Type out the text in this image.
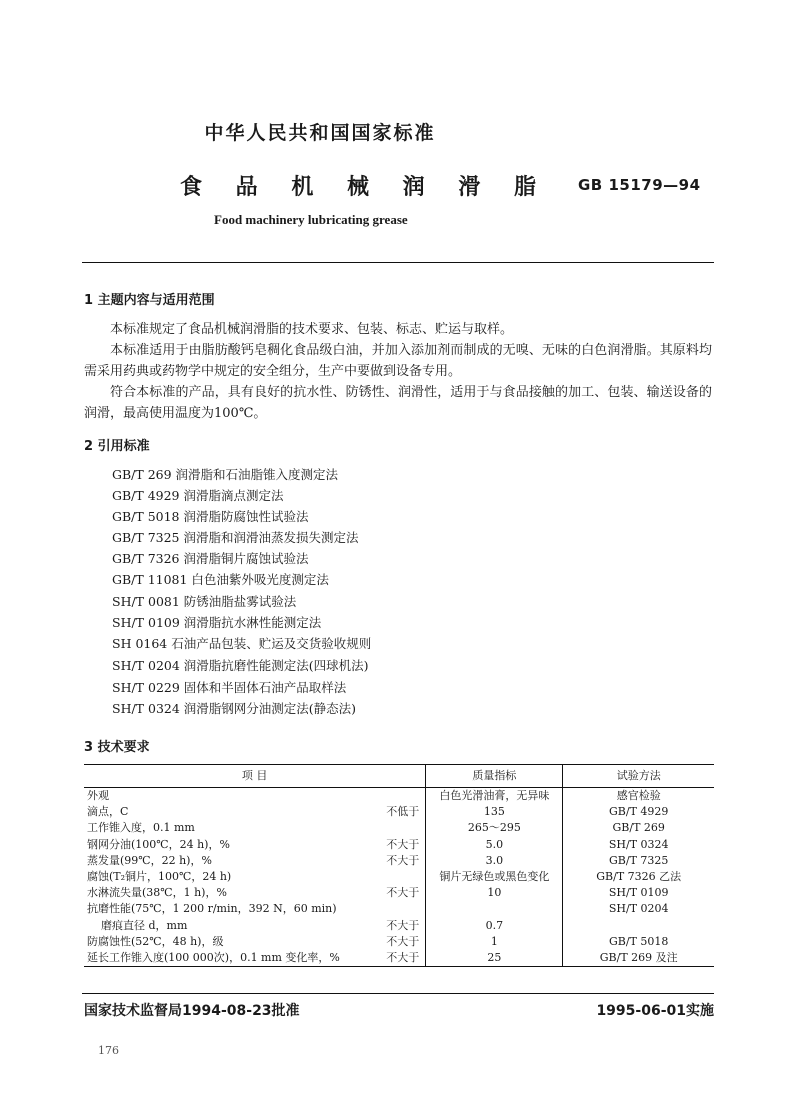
中华人民共和国国家标准
食 品 机 械 润 滑 脂 GB 15179—94
Food machinery lubricating grease
1 主题内容与适用范围
本标准规定了食品机械润滑脂的技术要求、包装、标志、贮运与取样。
本标准适用于由脂肪酸钙皂稠化食品级白油，并加入添加剂而制成的无嗅、无味的白色润滑脂。其原料均需采用药典或药物学中规定的安全组分，生产中要做到设备专用。
符合本标准的产品，具有良好的抗水性、防锈性、润滑性，适用于与食品接触的加工、包装、输送设备的润滑，最高使用温度为100℃。
2 引用标准
GB/T 269 润滑脂和石油脂锥入度测定法
GB/T 4929 润滑脂滴点测定法
GB/T 5018 润滑脂防腐蚀性试验法
GB/T 7325 润滑脂和润滑油蒸发损失测定法
GB/T 7326 润滑脂铜片腐蚀试验法
GB/T 11081 白色油紫外吸光度测定法
SH/T 0081 防锈油脂盐雾试验法
SH/T 0109 润滑脂抗水淋性能测定法
SH 0164 石油产品包装、贮运及交货验收规则
SH/T 0204 润滑脂抗磨性能测定法(四球机法)
SH/T 0229 固体和半固体石油产品取样法
SH/T 0324 润滑脂钢网分油测定法(静态法)
3 技术要求
项 目		质量指标	试验方法
外观		白色光滑油膏，无异味	感官检验
滴点，C	不低于	135	GB/T 4929
工作锥入度，0.1 mm		265～295	GB/T 269
钢网分油(100℃，24 h)，%	不大于	5.0	SH/T 0324
蒸发量(99℃，22 h)，%	不大于	3.0	GB/T 7325
腐蚀(T₂铜片，100℃，24 h)		铜片无绿色或黑色变化	GB/T 7326 乙法
水淋流失量(38℃，1 h)，%	不大于	10	SH/T 0109
抗磨性能(75℃，1 200 r/min，392 N，60 min)			SH/T 0204
磨痕直径 d，mm	不大于	0.7	
防腐蚀性(52℃，48 h)，级	不大于	1	GB/T 5018
延长工作锥入度(100 000次)，0.1 mm 变化率，%	不大于	25	GB/T 269 及注
国家技术监督局1994-08-23批准	1995-06-01实施
176
